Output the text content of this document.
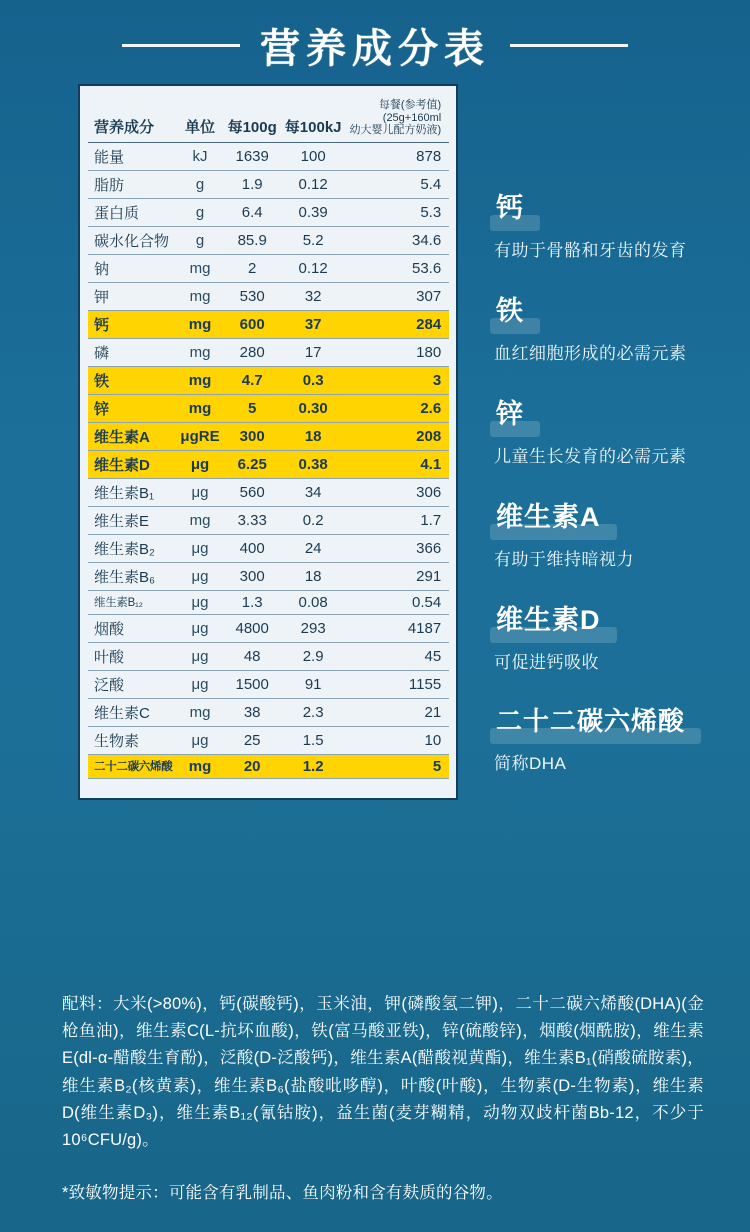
营养成分表
营养成分	单位	每100g	每100kJ	每餐(参考值)
(25g+160ml
幼大婴儿配方奶液)

能量	kJ	1639	100	878
脂肪	g	1.9	0.12	5.4
蛋白质	g	6.4	0.39	5.3
碳水化合物	g	85.9	5.2	34.6
钠	mg	2	0.12	53.6
钾	mg	530	32	307
钙	mg	600	37	284
磷	mg	280	17	180
铁	mg	4.7	0.3	3
锌	mg	5	0.30	2.6
维生素A	μgRE	300	18	208
维生素D	μg	6.25	0.38	4.1
维生素B₁	μg	560	34	306
维生素E	mg	3.33	0.2	1.7
维生素B₂	μg	400	24	366
维生素B₆	μg	300	18	291
维生素B₁₂	μg	1.3	0.08	0.54
烟酸	μg	4800	293	4187
叶酸	μg	48	2.9	45
泛酸	μg	1500	91	1155
维生素C	mg	38	2.3	21
生物素	μg	25	1.5	10
二十二碳六烯酸	mg	20	1.2	5
钙
有助于骨骼和牙齿的发育
铁
血红细胞形成的必需元素
锌
儿童生长发育的必需元素
维生素A
有助于维持暗视力
维生素D
可促进钙吸收
二十二碳六烯酸
简称DHA
配料：大米(>80%)，钙(碳酸钙)，玉米油，钾(磷酸氢二钾)，二十二碳六烯酸(DHA)(金枪鱼油)，维生素C(L-抗坏血酸)，铁(富马酸亚铁)，锌(硫酸锌)，烟酸(烟酰胺)，维生素E(dl-α-醋酸生育酚)，泛酸(D-泛酸钙)，维生素A(醋酸视黄酯)，维生素B₁(硝酸硫胺素)，维生素B₂(核黄素)，维生素B₆(盐酸吡哆醇)，叶酸(叶酸)，生物素(D-生物素)，维生素D(维生素D₃)，维生素B₁₂(氰钴胺)，益生菌(麦芽糊精，动物双歧杆菌Bb-12，不少于10⁶CFU/g)。
*致敏物提示：可能含有乳制品、鱼肉粉和含有麸质的谷物。
